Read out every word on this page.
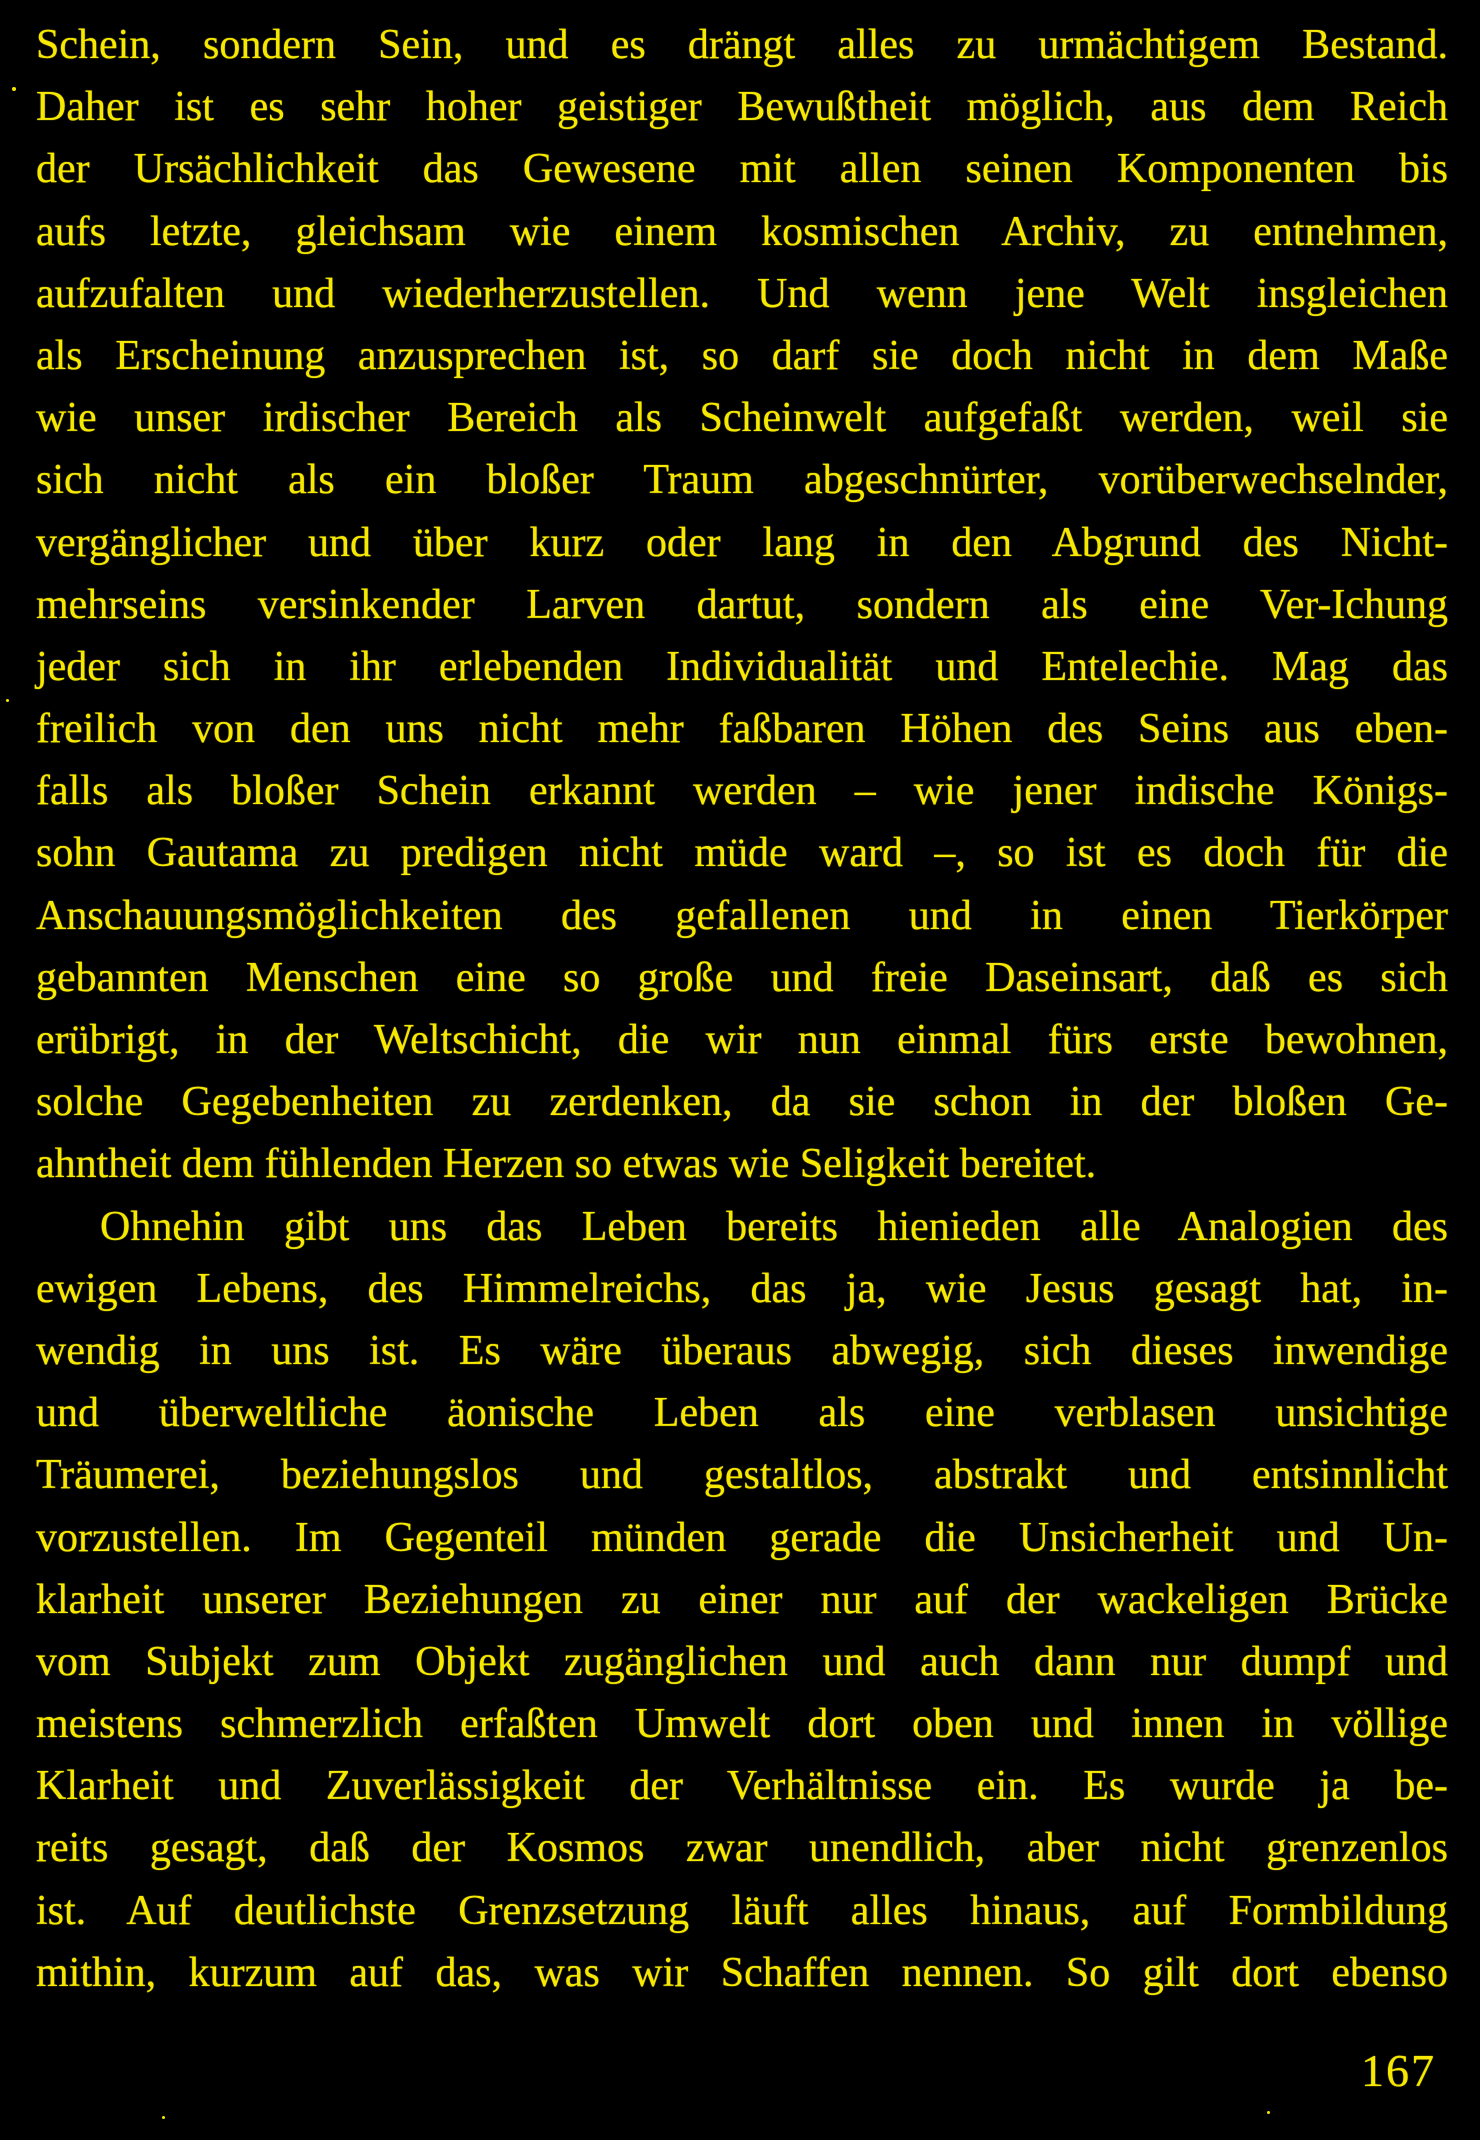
Schein, sondern Sein, und es drängt alles zu urmächtigem Bestand.
Daher ist es sehr hoher geistiger Bewußtheit möglich, aus dem Reich
der Ursächlichkeit das Gewesene mit allen seinen Komponenten bis
aufs letzte, gleichsam wie einem kosmischen Archiv, zu entnehmen,
aufzufalten und wiederherzustellen. Und wenn jene Welt insgleichen
als Erscheinung anzusprechen ist, so darf sie doch nicht in dem Maße
wie unser irdischer Bereich als Scheinwelt aufgefaßt werden, weil sie
sich nicht als ein bloßer Traum abgeschnürter, vorüberwechselnder,
vergänglicher und über kurz oder lang in den Abgrund des Nicht-
mehrseins versinkender Larven dartut, sondern als eine Ver-Ichung
jeder sich in ihr erlebenden Individualität und Entelechie. Mag das
freilich von den uns nicht mehr faßbaren Höhen des Seins aus eben-
falls als bloßer Schein erkannt werden – wie jener indische Königs-
sohn Gautama zu predigen nicht müde ward –, so ist es doch für die
Anschauungsmöglichkeiten des gefallenen und in einen Tierkörper
gebannten Menschen eine so große und freie Daseinsart, daß es sich
erübrigt, in der Weltschicht, die wir nun einmal fürs erste bewohnen,
solche Gegebenheiten zu zerdenken, da sie schon in der bloßen Ge-
ahntheit dem fühlenden Herzen so etwas wie Seligkeit bereitet.
Ohnehin gibt uns das Leben bereits hienieden alle Analogien des
ewigen Lebens, des Himmelreichs, das ja, wie Jesus gesagt hat, in-
wendig in uns ist. Es wäre überaus abwegig, sich dieses inwendige
und überweltliche äonische Leben als eine verblasen unsichtige
Träumerei, beziehungslos und gestaltlos, abstrakt und entsinnlicht
vorzustellen. Im Gegenteil münden gerade die Unsicherheit und Un-
klarheit unserer Beziehungen zu einer nur auf der wackeligen Brücke
vom Subjekt zum Objekt zugänglichen und auch dann nur dumpf und
meistens schmerzlich erfaßten Umwelt dort oben und innen in völlige
Klarheit und Zuverlässigkeit der Verhältnisse ein. Es wurde ja be-
reits gesagt, daß der Kosmos zwar unendlich, aber nicht grenzenlos
ist. Auf deutlichste Grenzsetzung läuft alles hinaus, auf Formbildung
mithin, kurzum auf das, was wir Schaffen nennen. So gilt dort ebenso
167
